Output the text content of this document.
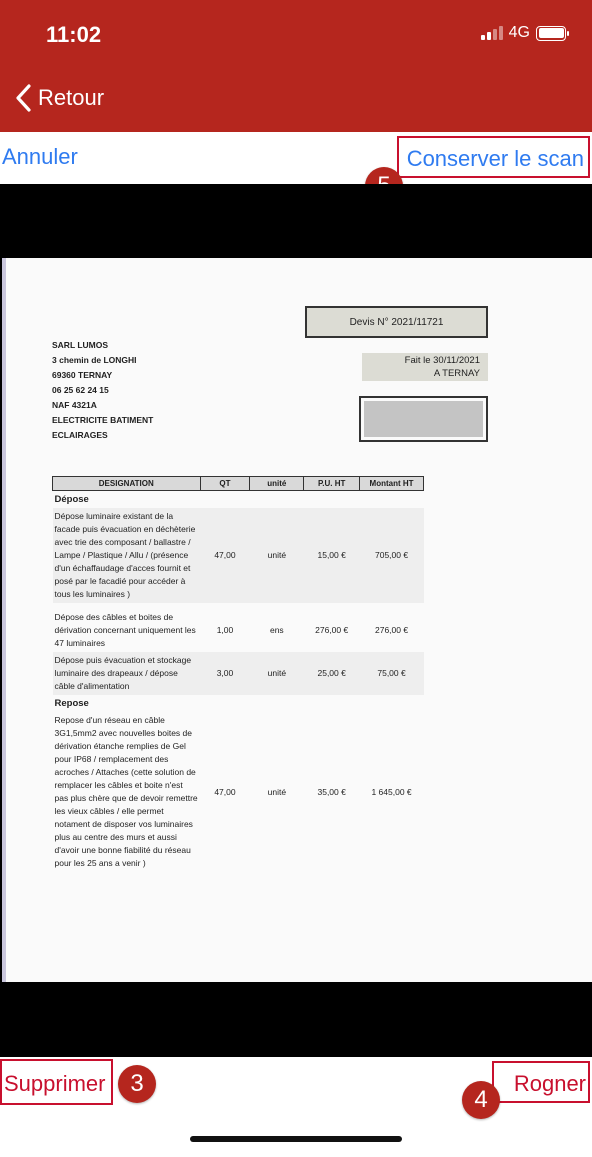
11:02	4G
Retour
Annuler	Conserver le scan
SARL LUMOS
3 chemin de LONGHI
69360 TERNAY
06 25 62 24 15
NAF 4321A
ELECTRICITE BATIMENT
ECLAIRAGES
Devis N° 2021/11721
Fait le 30/11/2021
A TERNAY
DESIGNATION	QT	unité	P.U. HT	Montant HT
Dépose				
Dépose luminaire existant de la facade puis évacuation en déchèterie avec trie des composant / ballastre / Lampe / Plastique / Allu / (présence d'un échaffaudage d'acces fournit et posé par le facadié pour accéder à tous les luminaires )	47,00	unité	15,00 €	705,00 €

Dépose des câbles et boites de dérivation concernant uniquement les 47 luminaires	1,00	ens	276,00 €	276,00 €
Dépose puis évacuation et stockage luminaire des drapeaux / dépose câble d'alimentation	3,00	unité	25,00 €	75,00 €
Repose				
Repose d'un réseau en câble 3G1,5mm2 avec nouvelles boites de dérivation étanche remplies de Gel pour IP68 / remplacement des acroches / Attaches (cette solution de remplacer les câbles et boite n'est pas plus chère que de devoir remettre les vieux câbles / elle permet notament de disposer vos luminaires plus au centre des murs et aussi d'avoir une bonne fiabilité du réseau pour les 25 ans a venir )	47,00	unité	35,00 €	1 645,00 €
Supprimer	Rogner
3
4
